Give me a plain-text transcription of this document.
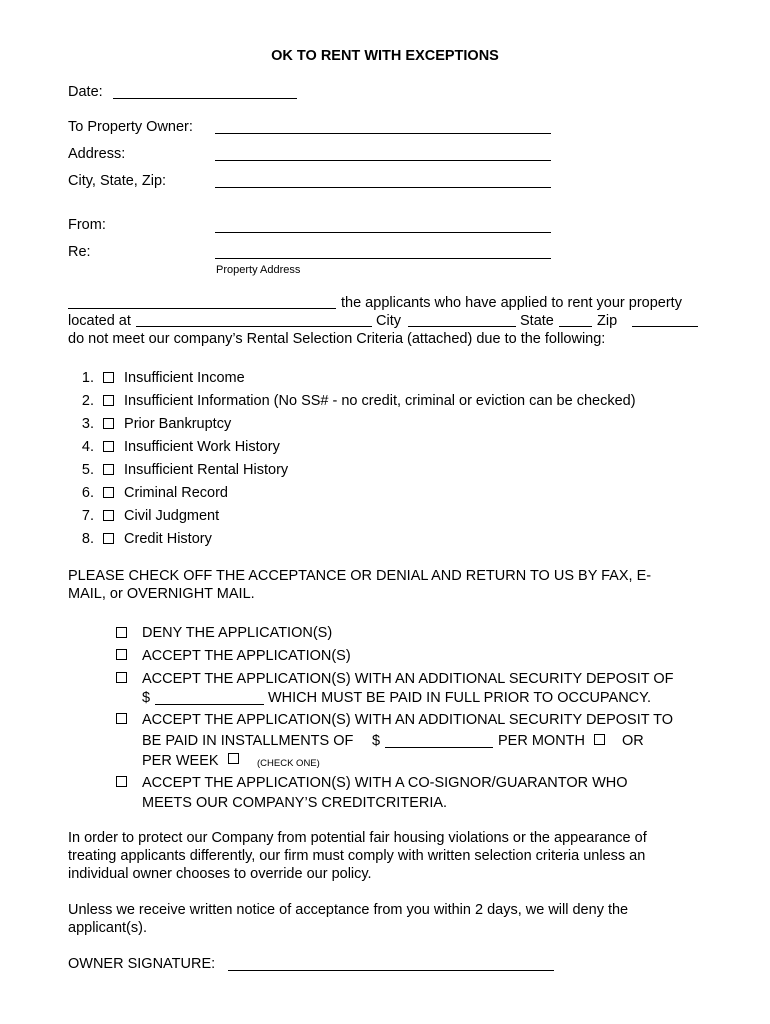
OK TO RENT WITH EXCEPTIONS
Date:
To Property Owner:
Address:
City, State, Zip:
From:
Re:
Property Address
the applicants who have applied to rent your property
located at	City	State	Zip
do not meet our company’s Rental Selection Criteria (attached) due to the following:
1. Insufficient Income
2. Insufficient Information (No SS# - no credit, criminal or eviction can be checked)
3. Prior Bankruptcy
4. Insufficient Work History
5. Insufficient Rental History
6. Criminal Record
7. Civil Judgment
8. Credit History
PLEASE CHECK OFF THE ACCEPTANCE OR DENIAL AND RETURN TO US BY FAX, E-
MAIL, or OVERNIGHT MAIL.
DENY THE APPLICATION(S)
ACCEPT THE APPLICATION(S)
ACCEPT THE APPLICATION(S) WITH AN ADDITIONAL SECURITY DEPOSIT OF
$	WHICH MUST BE PAID IN FULL PRIOR TO OCCUPANCY.
ACCEPT THE APPLICATION(S) WITH AN ADDITIONAL SECURITY DEPOSIT TO
BE PAID IN INSTALLMENTS OF $	PER MONTH	OR
PER WEEK	(CHECK ONE)
ACCEPT THE APPLICATION(S) WITH A CO-SIGNOR/GUARANTOR WHO
MEETS OUR COMPANY’S CREDITCRITERIA.
In order to protect our Company from potential fair housing violations or the appearance of
treating applicants differently, our firm must comply with written selection criteria unless an
individual owner chooses to override our policy.
Unless we receive written notice of acceptance from you within 2 days, we will deny the
applicant(s).
OWNER SIGNATURE:
